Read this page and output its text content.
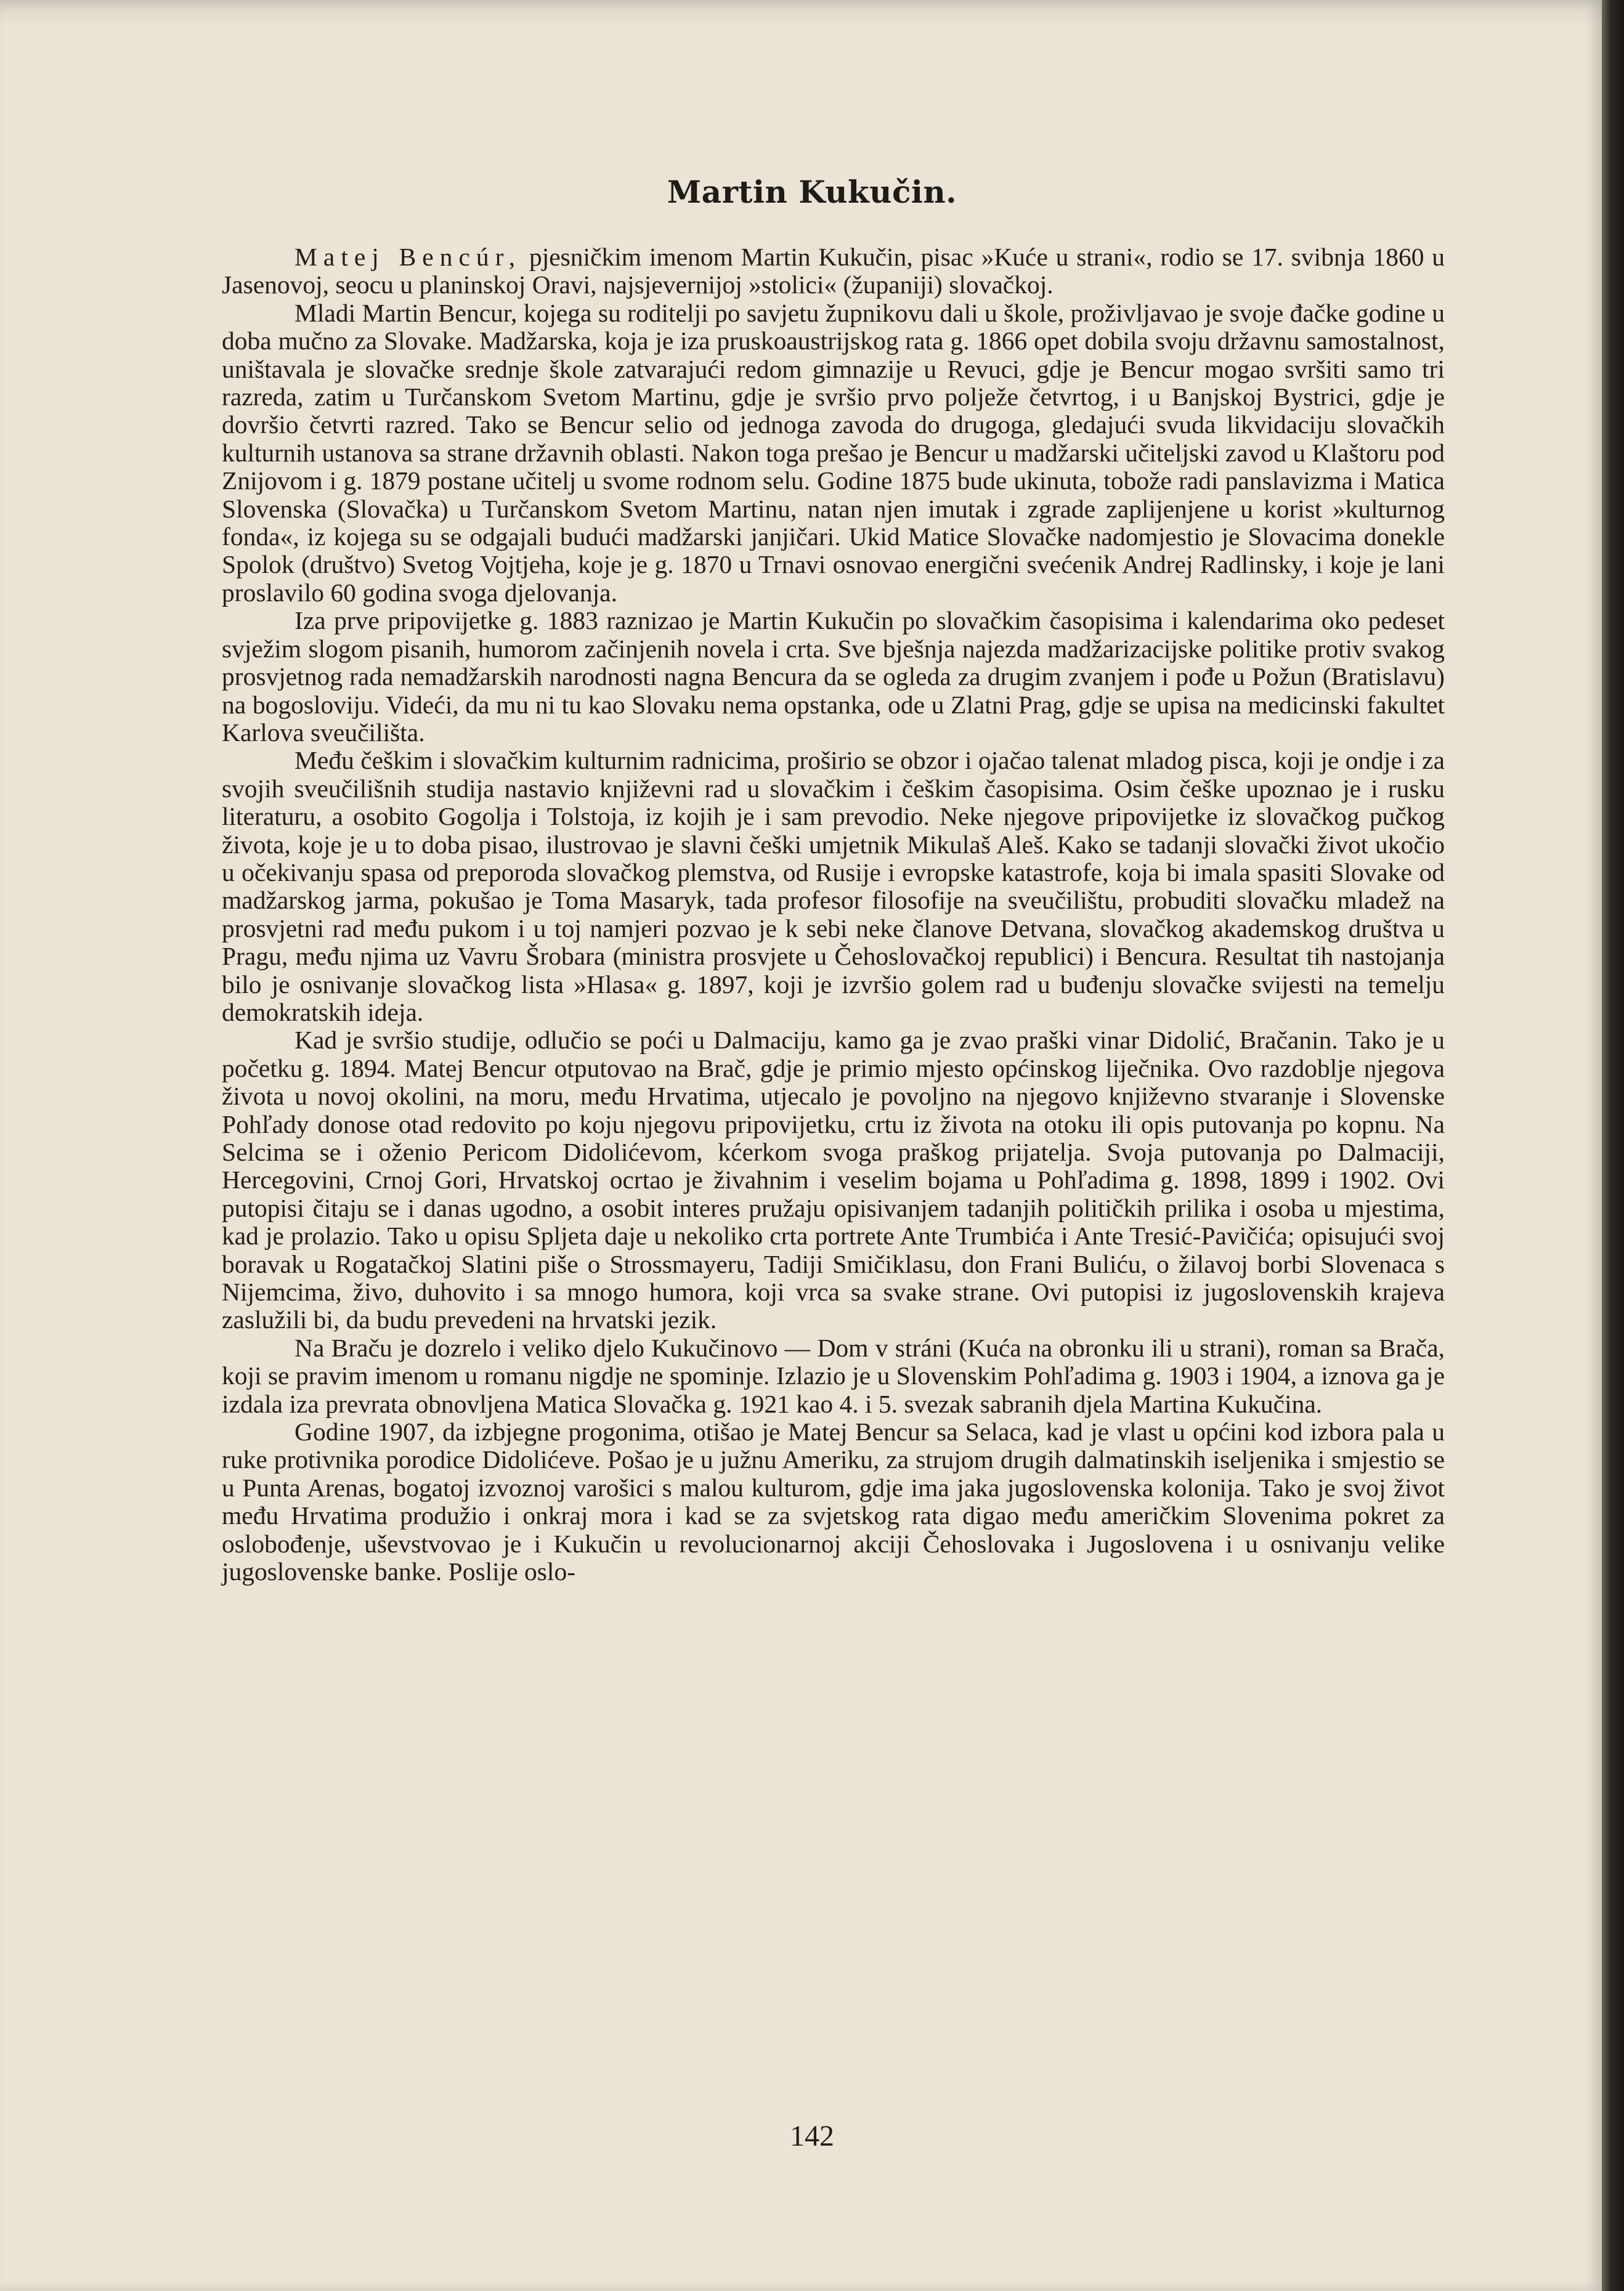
Martin Kukučin.

Matej Bencúr, pjesničkim imenom Martin Kukučin, pisac »Kuće u strani«, rodio se 17. svibnja 1860 u Jasenovoj, seocu u planinskoj Oravi, najsjevernijoj »stolici« (županiji) slovačkoj.

Mladi Martin Bencur, kojega su roditelji po savjetu župnikovu dali u škole, proživljavao je svoje đačke godine u doba mučno za Slovake. Madžarska, koja je iza pruskoaustrijskog rata g. 1866 opet dobila svoju državnu samostalnost, uništavala je slovačke srednje škole zatvarajući redom gimnazije u Revuci, gdje je Bencur mogao svršiti samo tri razreda, zatim u Turčanskom Svetom Martinu, gdje je svršio prvo polježe četvrtog, i u Banjskoj Bystrici, gdje je dovršio četvrti razred. Tako se Bencur selio od jednoga zavoda do drugoga, gledajući svuda likvidaciju slovačkih kulturnih ustanova sa strane državnih oblasti. Nakon toga prešao je Bencur u madžarski učiteljski zavod u Klaštoru pod Znijovom i g. 1879 postane učitelj u svome rodnom selu. Godine 1875 bude ukinuta, tobože radi panslavizma i Matica Slovenska (Slovačka) u Turčanskom Svetom Martinu, natan njen imutak i zgrade zaplijenjene u korist »kulturnog fonda«, iz kojega su se odgajali budući madžarski janjičari. Ukid Matice Slovačke nadomjestio je Slovacima donekle Spolok (društvo) Svetog Vojtjeha, koje je g. 1870 u Trnavi osnovao energični svećenik Andrej Radlinsky, i koje je lani proslavilo 60 godina svoga djelovanja.

Iza prve pripovijetke g. 1883 raznizao je Martin Kukučin po slovačkim časopisima i kalendarima oko pedeset svježim slogom pisanih, humorom začinjenih novela i crta. Sve bješnja najezda madžarizacijske politike protiv svakog prosvjetnog rada nemadžarskih narodnosti nagna Bencura da se ogleda za drugim zvanjem i pođe u Požun (Bratislavu) na bogosloviju. Videći, da mu ni tu kao Slovaku nema opstanka, ode u Zlatni Prag, gdje se upisa na medicinski fakultet Karlova sveučilišta.

Među češkim i slovačkim kulturnim radnicima, proširio se obzor i ojačao talenat mladog pisca, koji je ondje i za svojih sveučilišnih studija nastavio književni rad u slovačkim i češkim časopisima. Osim češke upoznao je i rusku literaturu, a osobito Gogolja i Tolstoja, iz kojih je i sam prevodio. Neke njegove pripovijetke iz slovačkog pučkog života, koje je u to doba pisao, ilustrovao je slavni češki umjetnik Mikulaš Aleš. Kako se tadanji slovački život ukočio u očekivanju spasa od preporoda slovačkog plemstva, od Rusije i evropske katastrofe, koja bi imala spasiti Slovake od madžarskog jarma, pokušao je Toma Masaryk, tada profesor filosofije na sveučilištu, probuditi slovačku mladež na prosvjetni rad među pukom i u toj namjeri pozvao je k sebi neke članove Detvana, slovačkog akademskog društva u Pragu, među njima uz Vavru Šrobara (ministra prosvjete u Čehoslovačkoj republici) i Bencura. Resultat tih nastojanja bilo je osnivanje slovačkog lista »Hlasa« g. 1897, koji je izvršio golem rad u buđenju slovačke svijesti na temelju demokratskih ideja.

Kad je svršio studije, odlučio se poći u Dalmaciju, kamo ga je zvao praški vinar Didolić, Bračanin. Tako je u početku g. 1894. Matej Bencur otputovao na Brač, gdje je primio mjesto općinskog liječnika. Ovo razdoblje njegova života u novoj okolini, na moru, među Hrvatima, utjecalo je povoljno na njegovo književno stvaranje i Slovenske Pohľady donose otad redovito po koju njegovu pripovijetku, crtu iz života na otoku ili opis putovanja po kopnu. Na Selcima se i oženio Pericom Didolićevom, kćerkom svoga praškog prijatelja. Svoja putovanja po Dalmaciji, Hercegovini, Crnoj Gori, Hrvatskoj ocrtao je živahnim i veselim bojama u Pohľadima g. 1898, 1899 i 1902. Ovi putopisi čitaju se i danas ugodno, a osobit interes pružaju opisivanjem tadanjih političkih prilika i osoba u mjestima, kad je prolazio. Tako u opisu Spljeta daje u nekoliko crta portrete Ante Trumbića i Ante Tresić-Pavičića; opisujući svoj boravak u Rogatačkoj Slatini piše o Strossmayeru, Tadiji Smičiklasu, don Frani Buliću, o žilavoj borbi Slovenaca s Nijemcima, živo, duhovito i sa mnogo humora, koji vrca sa svake strane. Ovi putopisi iz jugoslovenskih krajeva zaslužili bi, da budu prevedeni na hrvatski jezik.

Na Braču je dozrelo i veliko djelo Kukučinovo — Dom v stráni (Kuća na obronku ili u strani), roman sa Brača, koji se pravim imenom u romanu nigdje ne spominje. Izlazio je u Slovenskim Pohľadima g. 1903 i 1904, a iznova ga je izdala iza prevrata obnovljena Matica Slovačka g. 1921 kao 4. i 5. svezak sabranih djela Martina Kukučina.

Godine 1907, da izbjegne progonima, otišao je Matej Bencur sa Selaca, kad je vlast u općini kod izbora pala u ruke protivnika porodice Didolićeve. Pošao je u južnu Ameriku, za strujom drugih dalmatinskih iseljenika i smjestio se u Punta Arenas, bogatoj izvoznoj varošici s malou kulturom, gdje ima jaka jugoslovenska kolonija. Tako je svoj život među Hrvatima produžio i onkraj mora i kad se za svjetskog rata digao među američkim Slovenima pokret za oslobođenje, uševstvovao je i Kukučin u revolucionarnoj akciji Čehoslovaka i Jugoslovena i u osnivanju velike jugoslovenske banke. Poslije oslo-

142
